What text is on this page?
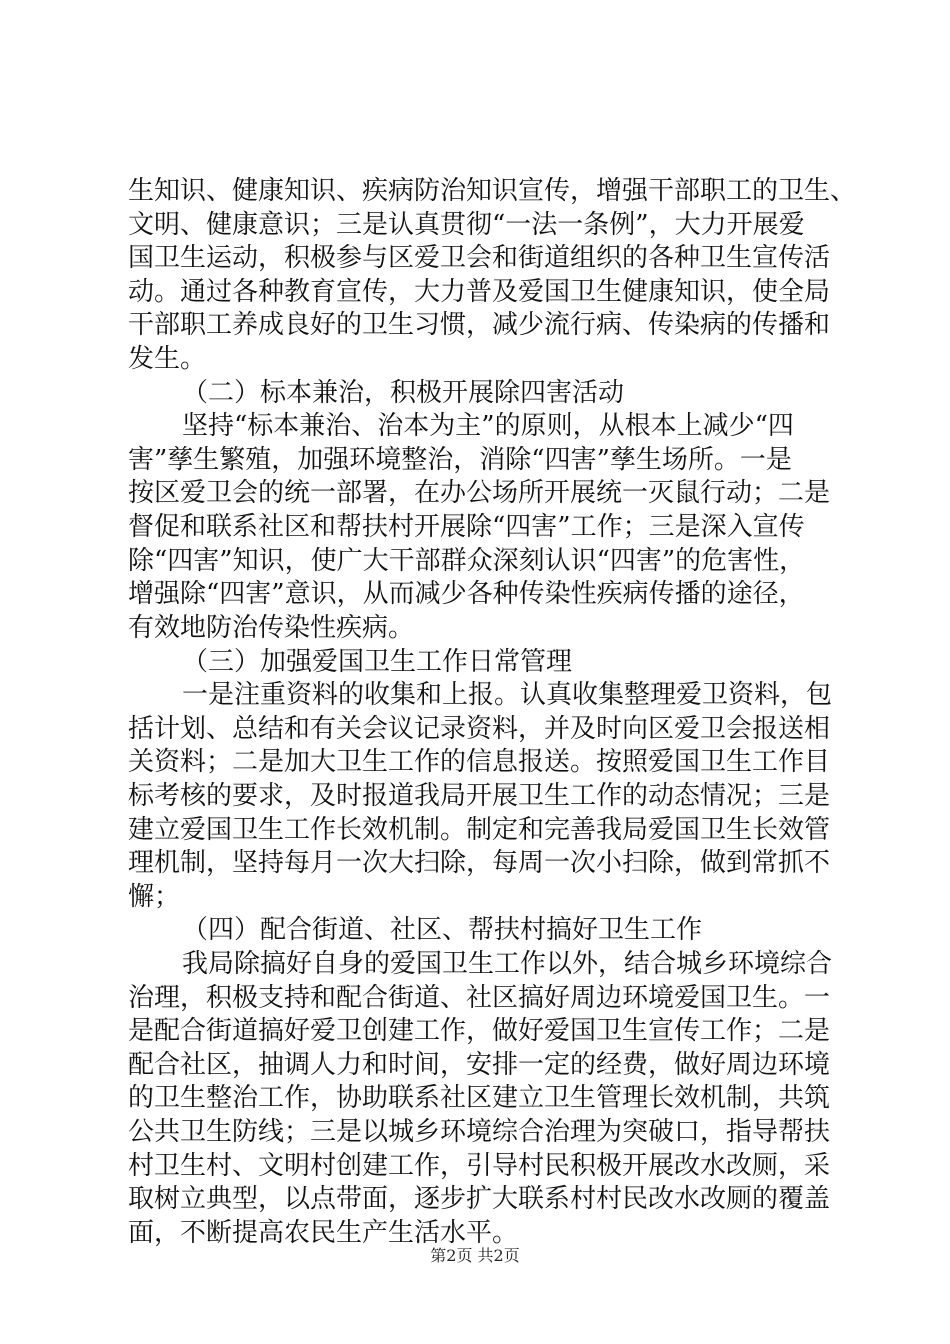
生知识、健康知识、疾病防治知识宣传，增强干部职工的卫生、
文明、健康意识；三是认真贯彻“一法一条例”，大力开展爱
国卫生运动，积极参与区爱卫会和街道组织的各种卫生宣传活
动。通过各种教育宣传，大力普及爱国卫生健康知识，使全局
干部职工养成良好的卫生习惯，减少流行病、传染病的传播和
发生。
（二）标本兼治，积极开展除四害活动
坚持“标本兼治、治本为主”的原则，从根本上减少“四
害”孳生繁殖，加强环境整治，消除“四害”孳生场所。一是
按区爱卫会的统一部署，在办公场所开展统一灭鼠行动；二是
督促和联系社区和帮扶村开展除“四害”工作；三是深入宣传
除“四害”知识，使广大干部群众深刻认识“四害”的危害性，
增强除“四害”意识，从而减少各种传染性疾病传播的途径，
有效地防治传染性疾病。
（三）加强爱国卫生工作日常管理
一是注重资料的收集和上报。认真收集整理爱卫资料，包
括计划、总结和有关会议记录资料，并及时向区爱卫会报送相
关资料；二是加大卫生工作的信息报送。按照爱国卫生工作目
标考核的要求，及时报道我局开展卫生工作的动态情况；三是
建立爱国卫生工作长效机制。制定和完善我局爱国卫生长效管
理机制，坚持每月一次大扫除，每周一次小扫除，做到常抓不
懈；
（四）配合街道、社区、帮扶村搞好卫生工作
我局除搞好自身的爱国卫生工作以外，结合城乡环境综合
治理，积极支持和配合街道、社区搞好周边环境爱国卫生。一
是配合街道搞好爱卫创建工作，做好爱国卫生宣传工作；二是
配合社区，抽调人力和时间，安排一定的经费，做好周边环境
的卫生整治工作，协助联系社区建立卫生管理长效机制，共筑
公共卫生防线；三是以城乡环境综合治理为突破口，指导帮扶
村卫生村、文明村创建工作，引导村民积极开展改水改厕，采
取树立典型，以点带面，逐步扩大联系村村民改水改厕的覆盖
面，不断提高农民生产生活水平。
第2页 共2页
